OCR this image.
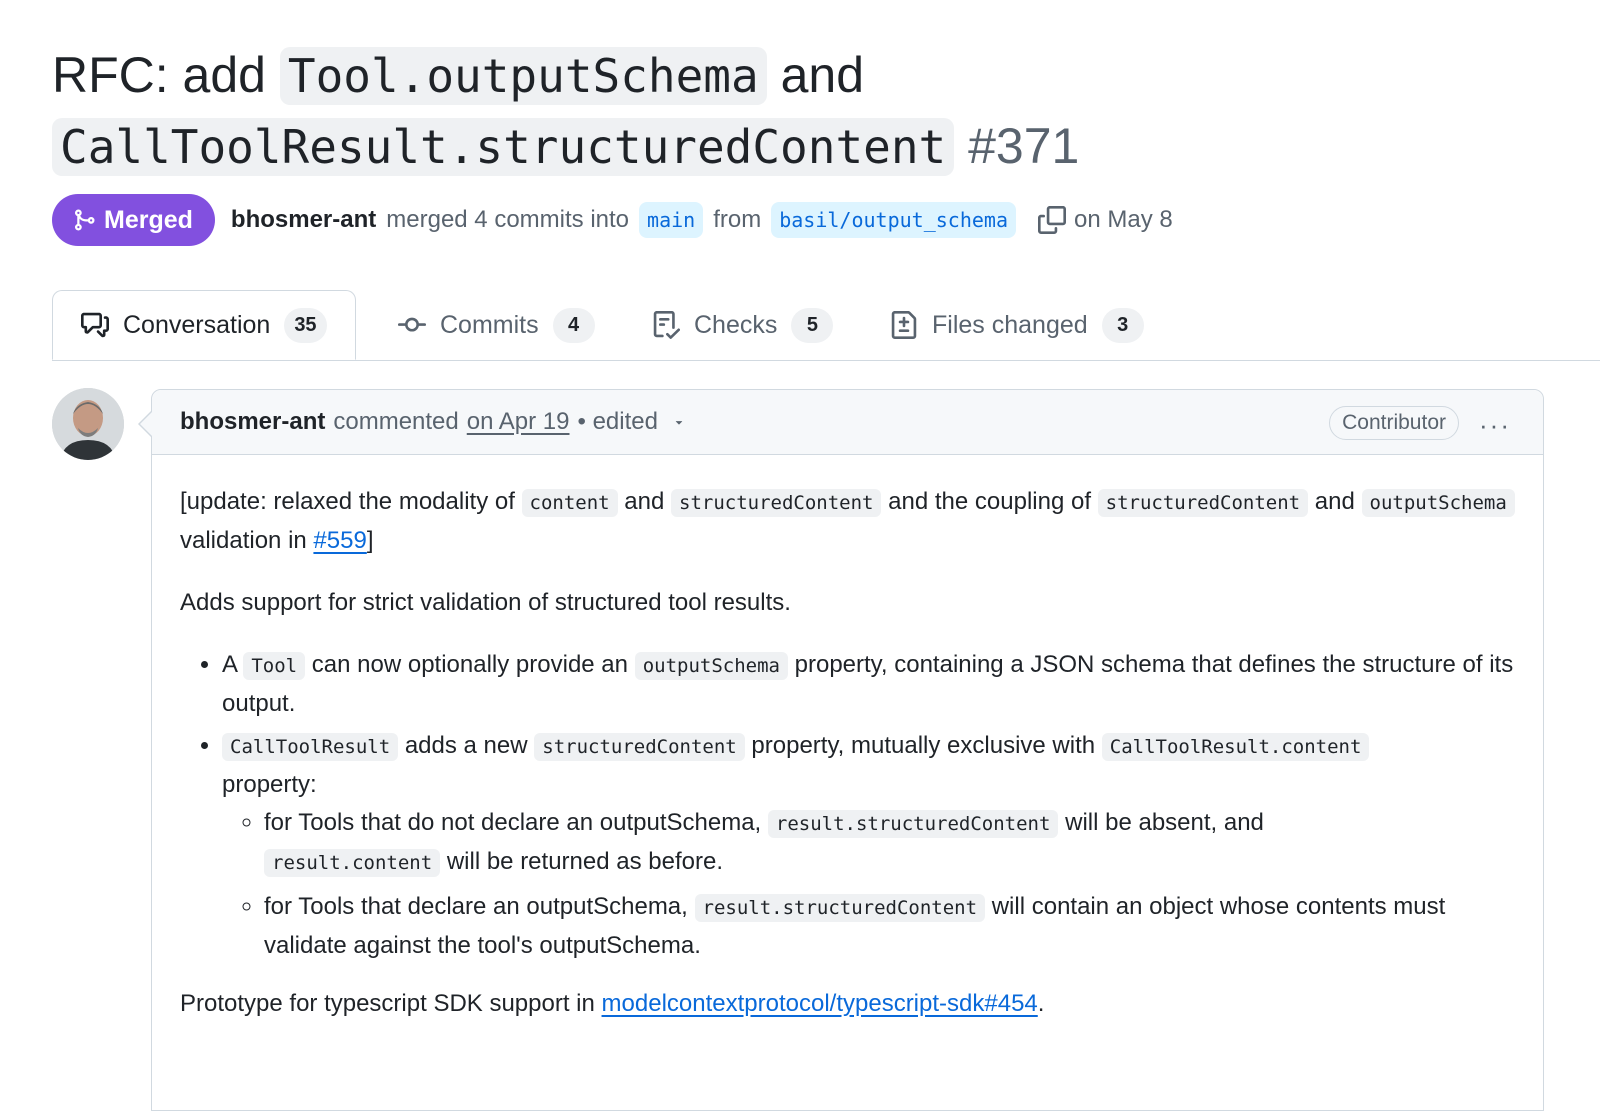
RFC: add Tool.outputSchema and
CallToolResult.structuredContent #371
Merged bhosmer-ant merged 4 commits into main from basil/output_schema	on May 8
Conversation	35	Commits	4	Checks	5	Files changed	3
bhosmer-ant commented on Apr 19 • edited	Contributor	···

[update: relaxed the modality of content and structuredContent and the coupling of structuredContent and outputSchema validation in #559]

Adds support for strict validation of structured tool results.

• A Tool can now optionally provide an outputSchema property, containing a JSON schema that defines the structure of its output.
• CallToolResult adds a new structuredContent property, mutually exclusive with CallToolResult.content
property:
◦ for Tools that do not declare an outputSchema, result.structuredContent will be absent, and
result.content will be returned as before.
◦ for Tools that declare an outputSchema, result.structuredContent will contain an object whose contents must validate against the tool's outputSchema.

Prototype for typescript SDK support in modelcontextprotocol/typescript-sdk#454.
